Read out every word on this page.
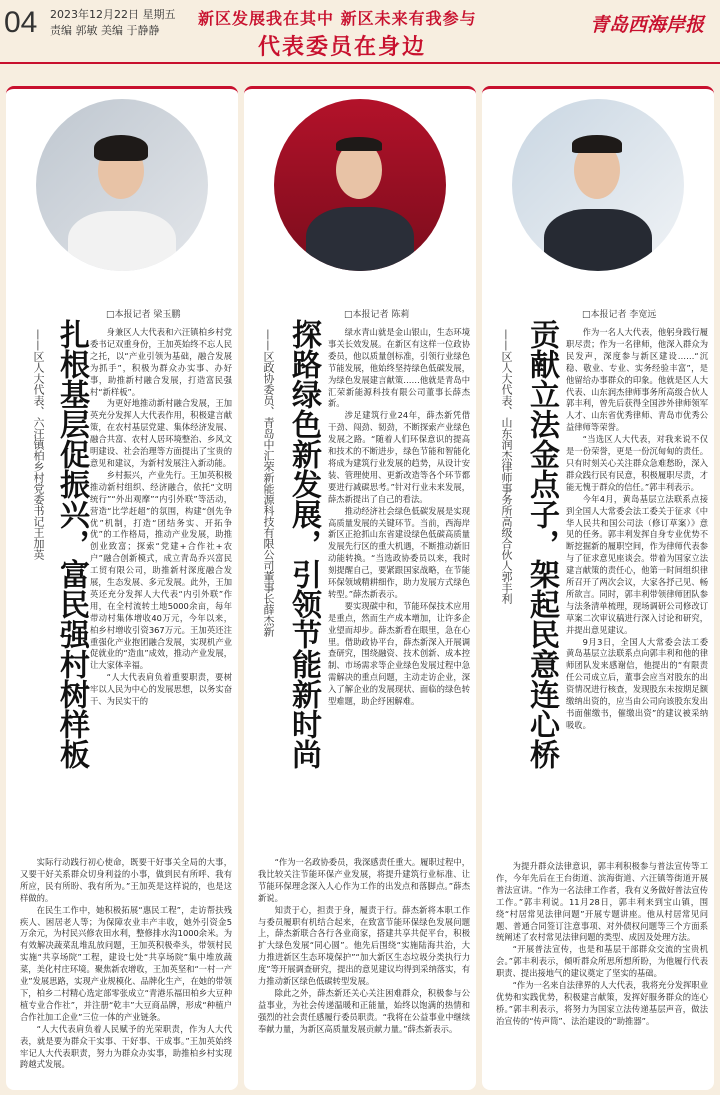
04 2023年12月22日 星期五
责编 郭敏 美编 于静静
新区发展我在其中 新区未来有我参与
代表委员在身边
青岛西海岸报
□本报记者 梁玉鹏
扎根基层促振兴，富民强村树样板
——区人大代表、六汪镇柏乡村党委书记王加英	身兼区人大代表和六汪镇柏乡村党委书记双重身份，王加英始终不忘人民之托，以“产业引领为基础，融合发展为抓手”，积极为群众办实事、办好事，助推新村融合发展，打造富民强村“新样板”。

为更好地推动新村融合发展，王加英充分发挥人大代表作用，积极建言献策，在农村基层党建、集体经济发展、融合共富、农村人居环境整治、乡风文明建设、社会治理等方面提出了宝贵的意见和建议，为新村发展注入新动能。

乡村振兴，产业先行。王加英积极推动新村组织、经济融合，依托“文明统行”“外出观摩”“内引外联”等活动，营造“比学赶超”的氛围，构建“创先争优”机制，打造“团结务实、开拓争优”的工作格局，推动产业发展，助推创业致富；探索“党建+合作社+农户”融合创新模式，成立青岛乔兴富民工贸有限公司，助推新村深度融合发展，生态发展、多元发展。此外，王加英还充分发挥人大代表“内引外联”作用，在全村流转土地5000余亩，每年带动村集体增收40万元，今年以来，柏乡村增收引资367万元。王加英还注重强化产业抱团融合发展，实现机产业促就业的“造血”成效，推动产业发展，让大家体幸福。

“人大代表肩负着重要职责，要树牢以人民为中心的发展思想，以务实奋干、为民实干的

实际行动践行初心使命，既要干好事关全局的大事，又要干好关系群众切身利益的小事，做到民有所呼、我有所应，民有所盼、我有所为。”王加英是这样说的，也是这样做的。

在民生工作中，她积极拓展“惠民工程”，走访帮扶残疾人、困居老人等；为保障农业丰产丰收，她外引资金5万余元，为村民兴修农田水利，整修排水沟1000余米。为有效解决蔬菜乱堆乱放问题，王加英积极牵头，带领村民实施“共享场院”工程，建设七处“共享场院”集中堆放蔬菜，美化村庄环境。聚焦新农增收，王加英坚和“一村一产业”发展思路，实现产业规模化、品牌化生产，在她的带领下，柏乡二村精心选定部零张成立“青港乐福田柏乡大豆种植专业合作社”，并注册“乾丰”大豆商品牌，形成“种植户合作社加工企业”三位一体的产业链条。

“人大代表肩负着人民赋予的光荣职责，作为人大代表，就是要为群众干实事、干好事、干成事。”王加英始终牢记人大代表职责，努力为群众办实事，助推柏乡村实现跨越式发展。

□本报记者 陈莉
探路绿色新发展，引领节能新时尚
——区政协委员、青岛中汇荣新能源科技有限公司董事长薛杰新	绿水青山就是金山银山，生态环境事关长效发展。在新区有这样一位政协委员，他以质量创标准，引领行业绿色节能发展，他始终坚持绿色低碳发展，为绿色发展建言献策……他就是青岛中汇荣新能源科技有限公司董事长薛杰新。

涉足建筑行业24年，薛杰新凭借干劲、闯劲、韧劲，不断探索产业绿色发展之路。“随着人们环保意识的提高和技术的不断进步，绿色节能和智能化将成为建筑行业发展的趋势，从设计安装、管理使用、更新改造等各个环节都要进行减碳思考。”针对行业未来发展，薛杰新提出了自己的看法。

推动经济社会绿色低碳发展是实现高质量发展的关键环节。当前，西海岸新区正抢抓山东省建设绿色低碳高质量发展先行区的重大机遇，不断推动新旧动能转换。“当选政协委员以来，我时刻提醒自己，要紧跟国家战略，在节能环保领域精耕细作，助力发展方式绿色转型。”薛杰新表示。

要实现碳中和，节能环保技术应用是重点，然而生产成本增加，让许多企业望而却步。薛杰新看在眼里，急在心里。借助政协平台，薛杰新深入开展调查研究，围绕融资、技术创新、成本控制、市场需求等企业绿色发展过程中急需解决的重点问题，主动走访企业，深入了解企业的发展现状、面临的绿色转型难题，助企纾困解难。

“作为一名政协委员，我深感责任重大。履职过程中，我比较关注节能环保产业发展，将提升建筑行业标准、让节能环保理念深入人心作为工作的出发点和落脚点。”薛杰新说。

知责于心，担责于身，履责于行。薛杰新将本职工作与委员履职有机结合起来，在致富节能环保绿色发展问题上，薛杰新联合各行各业商家，搭建共享共促平台，积极扩大绿色发展“同心圆”。他先后围绕“实施陆海共治，大力推进新区生态环境保护”“加大新区生态垃圾分类执行力度”等开展调查研究，提出的意见建议均得到采纳落实，有力推动新区绿色低碳转型发展。

除此之外，薛杰新还关心关注困难群众，积极参与公益事业，为社会传递温暖和正能量，始终以饱满的热情和强烈的社会责任感履行委员职责。“我将在公益事业中继续奉献力量，为新区高质量发展贡献力量。”薛杰新表示。

□本报记者 李宽远
贡献立法金点子，架起民意连心桥
——区人大代表、山东润杰律师事务所高级合伙人郭丰利	作为一名人大代表，他躬身践行履职尽责；作为一名律师，他深入群众为民发声，深度参与新区建设……“沉稳、敬业、专业、实务经验丰富”，是他留给办事群众的印象。他就是区人大代表、山东润杰律师事务所高级合伙人郭丰利，曾先后获得全国涉外律师领军人才、山东省优秀律师、青岛市优秀公益律师等荣誉。

“当选区人大代表，对我来说不仅是一份荣誉，更是一份沉甸甸的责任。只有时刻关心关注群众急难愁盼，深入群众践行民有民意，积极履职尽责，才能无愧于群众的信任。”郭丰利表示。

今年4月，黄岛基层立法联系点接到全国人大常委会法工委关于征求《中华人民共和国公司法（修订草案）》意见的任务。郭丰利发挥自身专业优势不断挖掘新的履职空间，作为律师代表参与了征求意见座谈会。带着为国家立法建言献策的责任心，他第一时间组织律所召开了两次会议，大家各抒己见、畅所欲言。同时，郭丰利带领律师团队参与法条清单梳理，现场调研公司修改订草案二次审议稿进行深入讨论和研究，并提出意见建议。

9月3日，全国人大常委会法工委黄岛基层立法联系点向郭丰利和他的律师团队发来感谢信，他提出的“有限责任公司成立后，董事会应当对股东的出资情况进行核查，发现股东未按期足额缴纳出资的，应当由公司向该股东发出书面催缴书，催缴出资”的建议被采纳吸收。

为提升群众法律意识，郭丰利积极参与普法宣传等工作，今年先后在王台街道、滨海街道、六汪镇等街道开展普法宣讲。“作为一名法律工作者，我有义务做好普法宣传工作。”郭丰利说。11月28日，郭丰利来到宝山镇，围绕“村居常见法律问题”开展专题讲座。他从村居常见问题、普通合同签订注意事项、对外债权问题等三个方面系统阐述了农村常见法律问题的类型、成因及处理方法。

“开展普法宣传，也是和基层干部群众交流的宝贵机会。”郭丰利表示，倾听群众所思所想所盼，为他履行代表职责、提出接地气的建议奠定了坚实的基础。

“作为一名来自法律界的人大代表，我将充分发挥职业优势和实践优势，积极建言献策，发挥好服务群众的连心桥。”郭丰利表示，将努力为国家立法传递基层声音，做法治宣传的“传声筒”、法治建设的“助推器”。
